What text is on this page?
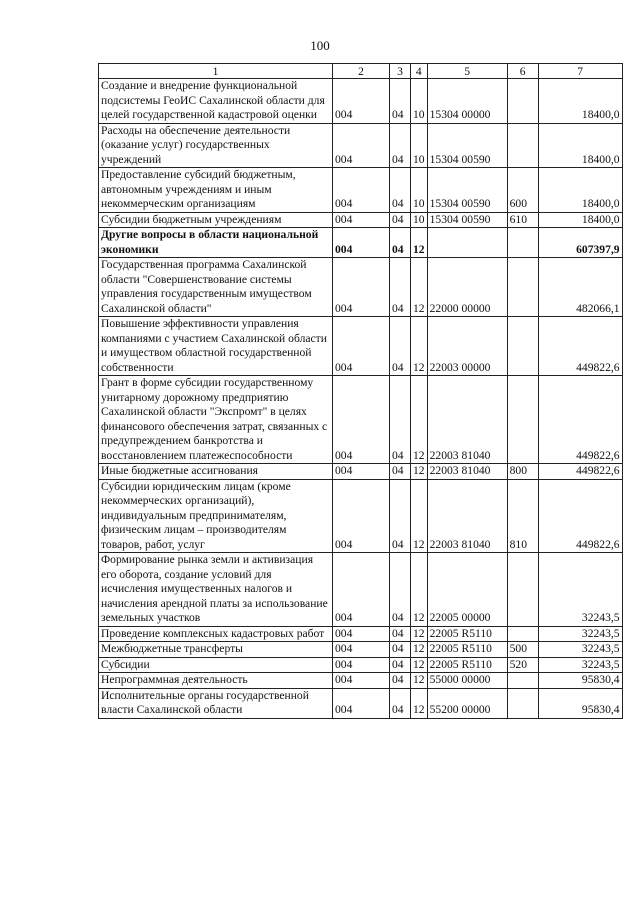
100
1	2	3	4	5	6	7
Создание и внедрение функциональной подсистемы ГеоИС Сахалинской области для целей государственной кадастровой оценки	004	04	10	15304 00000		18400,0
Расходы на обеспечение деятельности (оказание услуг) государственных учреждений	004	04	10	15304 00590		18400,0
Предоставление субсидий бюджетным, автономным учреждениям и иным некоммерческим организациям	004	04	10	15304 00590	600	18400,0
Субсидии бюджетным учреждениям	004	04	10	15304 00590	610	18400,0
Другие вопросы в области национальной экономики	004	04	12			607397,9
Государственная программа Сахалинской области "Совершенствование системы управления государственным имуществом Сахалинской области"	004	04	12	22000 00000		482066,1
Повышение эффективности управления компаниями с участием Сахалинской области и имуществом областной государственной собственности	004	04	12	22003 00000		449822,6
Грант в форме субсидии государственному унитарному дорожному предприятию Сахалинской области "Экспромт" в целях финансового обеспечения затрат, связанных с предупреждением банкротства и восстановлением платежеспособности	004	04	12	22003 81040		449822,6
Иные бюджетные ассигнования	004	04	12	22003 81040	800	449822,6
Субсидии юридическим лицам (кроме некоммерческих организаций), индивидуальным предпринимателям, физическим лицам – производителям товаров, работ, услуг	004	04	12	22003 81040	810	449822,6
Формирование рынка земли и активизация его оборота, создание условий для исчисления имущественных налогов и начисления арендной платы за использование земельных участков	004	04	12	22005 00000		32243,5
Проведение комплексных кадастровых работ	004	04	12	22005 R5110		32243,5
Межбюджетные трансферты	004	04	12	22005 R5110	500	32243,5
Субсидии	004	04	12	22005 R5110	520	32243,5
Непрограммная деятельность	004	04	12	55000 00000		95830,4
Исполнительные органы государственной власти Сахалинской области	004	04	12	55200 00000		95830,4
